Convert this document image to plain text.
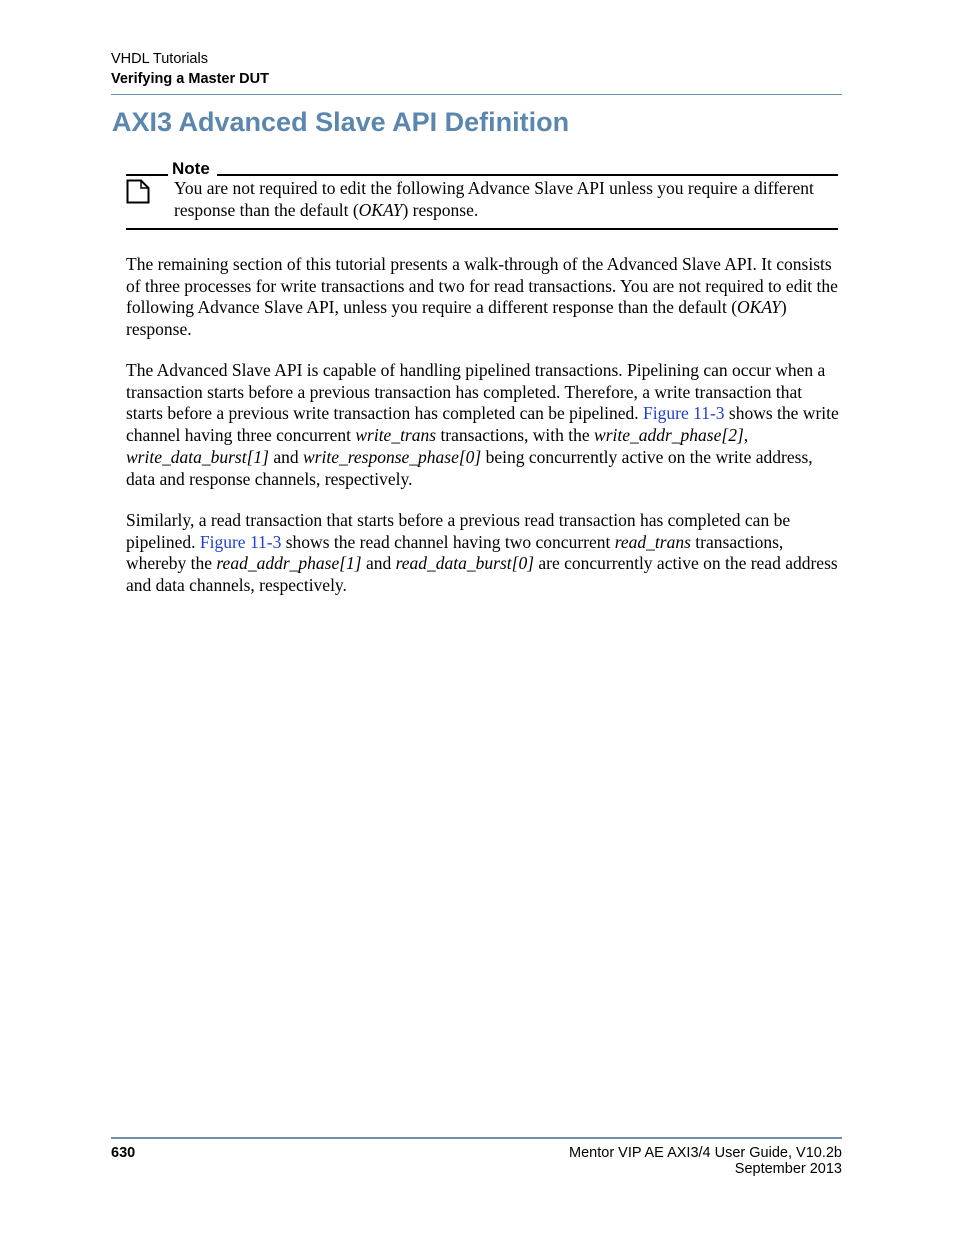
VHDL Tutorials
Verifying a Master DUT
AXI3 Advanced Slave API Definition
Note
You are not required to edit the following Advance Slave API unless you require a different response than the default (OKAY) response.

The remaining section of this tutorial presents a walk-through of the Advanced Slave API. It consists of three processes for write transactions and two for read transactions. You are not required to edit the following Advance Slave API, unless you require a different response than the default (OKAY) response.

The Advanced Slave API is capable of handling pipelined transactions. Pipelining can occur when a transaction starts before a previous transaction has completed. Therefore, a write transaction that starts before a previous write transaction has completed can be pipelined. Figure 11-3 shows the write channel having three concurrent write_trans transactions, with the write_addr_phase[2], write_data_burst[1] and write_response_phase[0] being concurrently active on the write address, data and response channels, respectively.

Similarly, a read transaction that starts before a previous read transaction has completed can be pipelined. Figure 11-3 shows the read channel having two concurrent read_trans transactions, whereby the read_addr_phase[1] and read_data_burst[0] are concurrently active on the read address and data channels, respectively.

630	Mentor VIP AE AXI3/4 User Guide, V10.2b
September 2013
